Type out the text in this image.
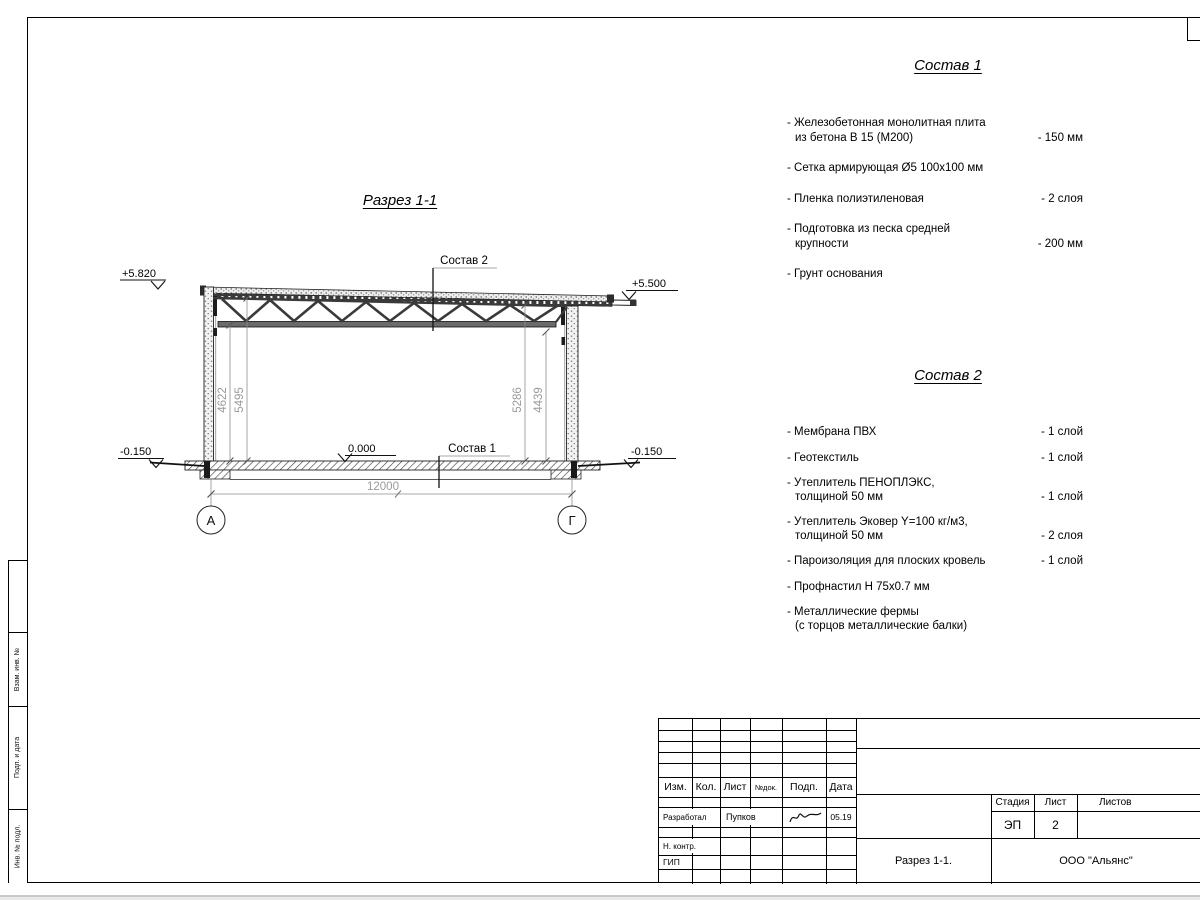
Взам. инв. №
Подп. и дата
Инв. № подл.
Разрез 1-1
Состав 1
Состав 2
- Железобетонная монолитная плита
из бетона В 15 (М200)	- 150 мм
- Сетка армирующая Ø5 100х100 мм
- Пленка полиэтиленовая	- 2 слоя
- Подготовка из песка средней
крупности	- 200 мм
- Грунт основания
- Мембрана ПВХ	- 1 слой
- Геотекстиль	- 1 слой
- Утеплитель ПЕНОПЛЭКС,
толщиной 50 мм	- 1 слой
- Утеплитель Эковер Y=100 кг/м3,
толщиной 50 мм	- 2 слоя
- Пароизоляция для плоских кровель	- 1 слой
- Профнастил Н 75х0.7 мм
- Металлические фермы
(с торцов металлические балки)
4622 5495	5286 4439
12000
А	Г
+5.820
+5.500
0.000
-0.150	-0.150
Состав 2
Состав 1
Изм. Кол. Лист №док. Подп. Дата
Разработал Пупков	05.19
Н. контр.
ГИП
Стадия Лист	Листов
ЭП	2
Разрез 1-1.	ООО "Альянс"
